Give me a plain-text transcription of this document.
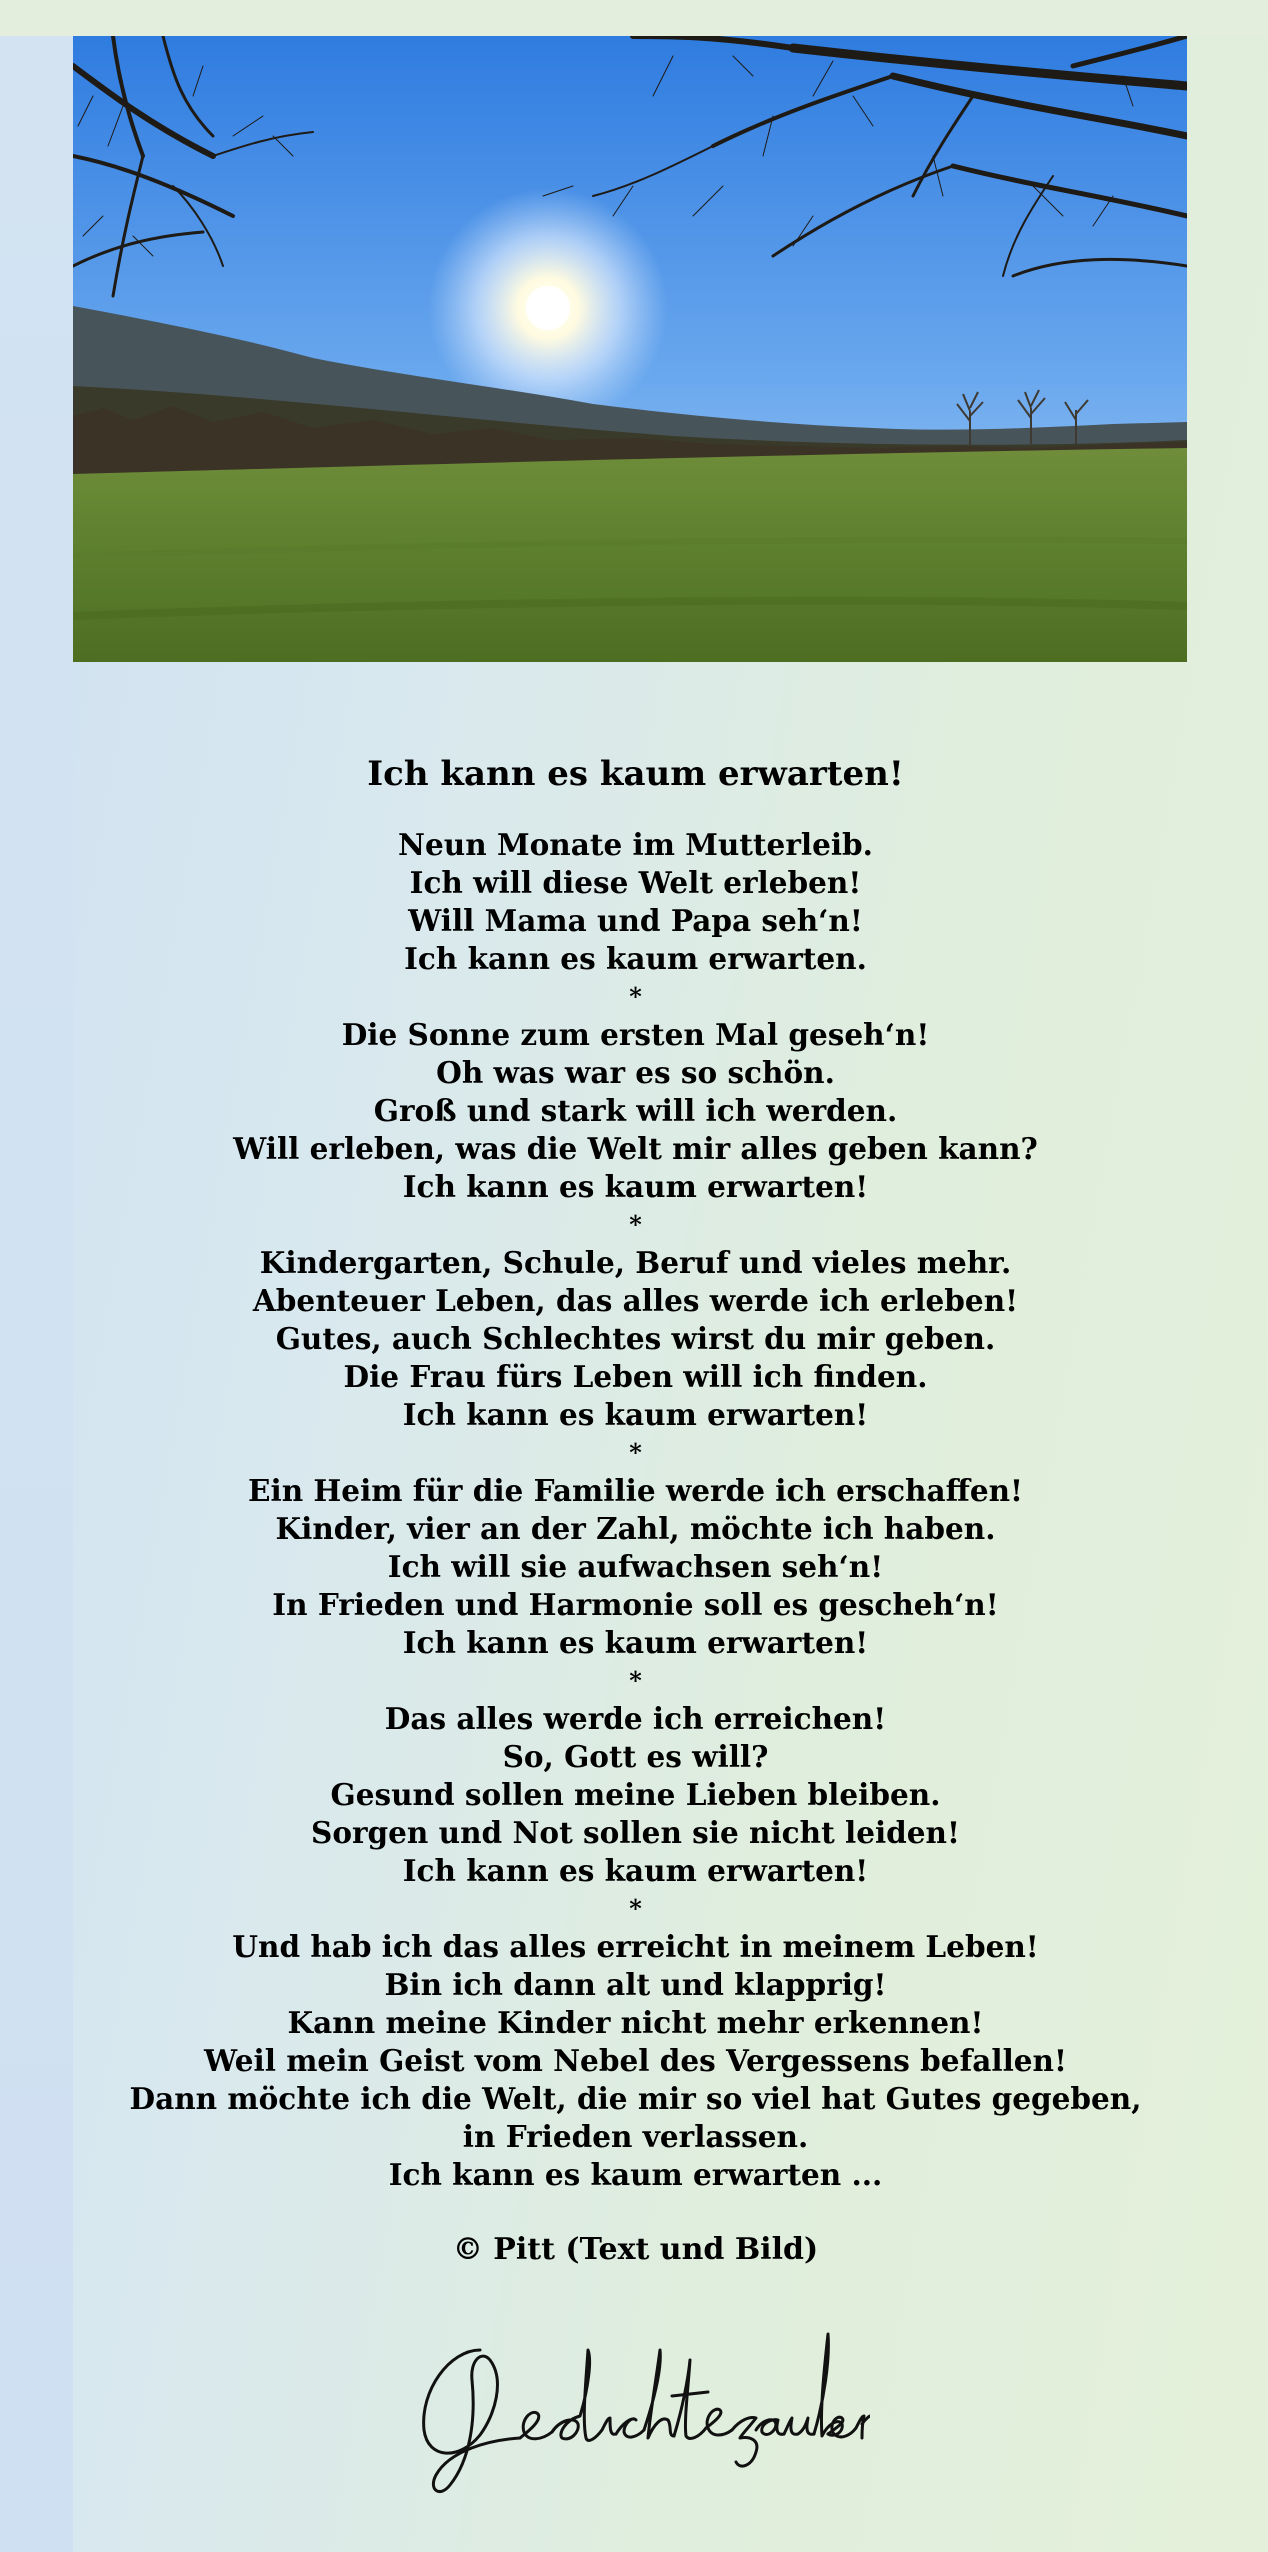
Ich kann es kaum erwarten!
Neun Monate im Mutterleib.
Ich will diese Welt erleben!
Will Mama und Papa seh‘n!
Ich kann es kaum erwarten.
*
Die Sonne zum ersten Mal geseh‘n!
Oh was war es so schön.
Groß und stark will ich werden.
Will erleben, was die Welt mir alles geben kann?
Ich kann es kaum erwarten!
*
Kindergarten, Schule, Beruf und vieles mehr.
Abenteuer Leben, das alles werde ich erleben!
Gutes, auch Schlechtes wirst du mir geben.
Die Frau fürs Leben will ich finden.
Ich kann es kaum erwarten!
*
Ein Heim für die Familie werde ich erschaffen!
Kinder, vier an der Zahl, möchte ich haben.
Ich will sie aufwachsen seh‘n!
In Frieden und Harmonie soll es gescheh‘n!
Ich kann es kaum erwarten!
*
Das alles werde ich erreichen!
So, Gott es will?
Gesund sollen meine Lieben bleiben.
Sorgen und Not sollen sie nicht leiden!
Ich kann es kaum erwarten!
*
Und hab ich das alles erreicht in meinem Leben!
Bin ich dann alt und klapprig!
Kann meine Kinder nicht mehr erkennen!
Weil mein Geist vom Nebel des Vergessens befallen!
Dann möchte ich die Welt, die mir so viel hat Gutes gegeben,
in Frieden verlassen.
Ich kann es kaum erwarten ...
© Pitt (Text und Bild)
